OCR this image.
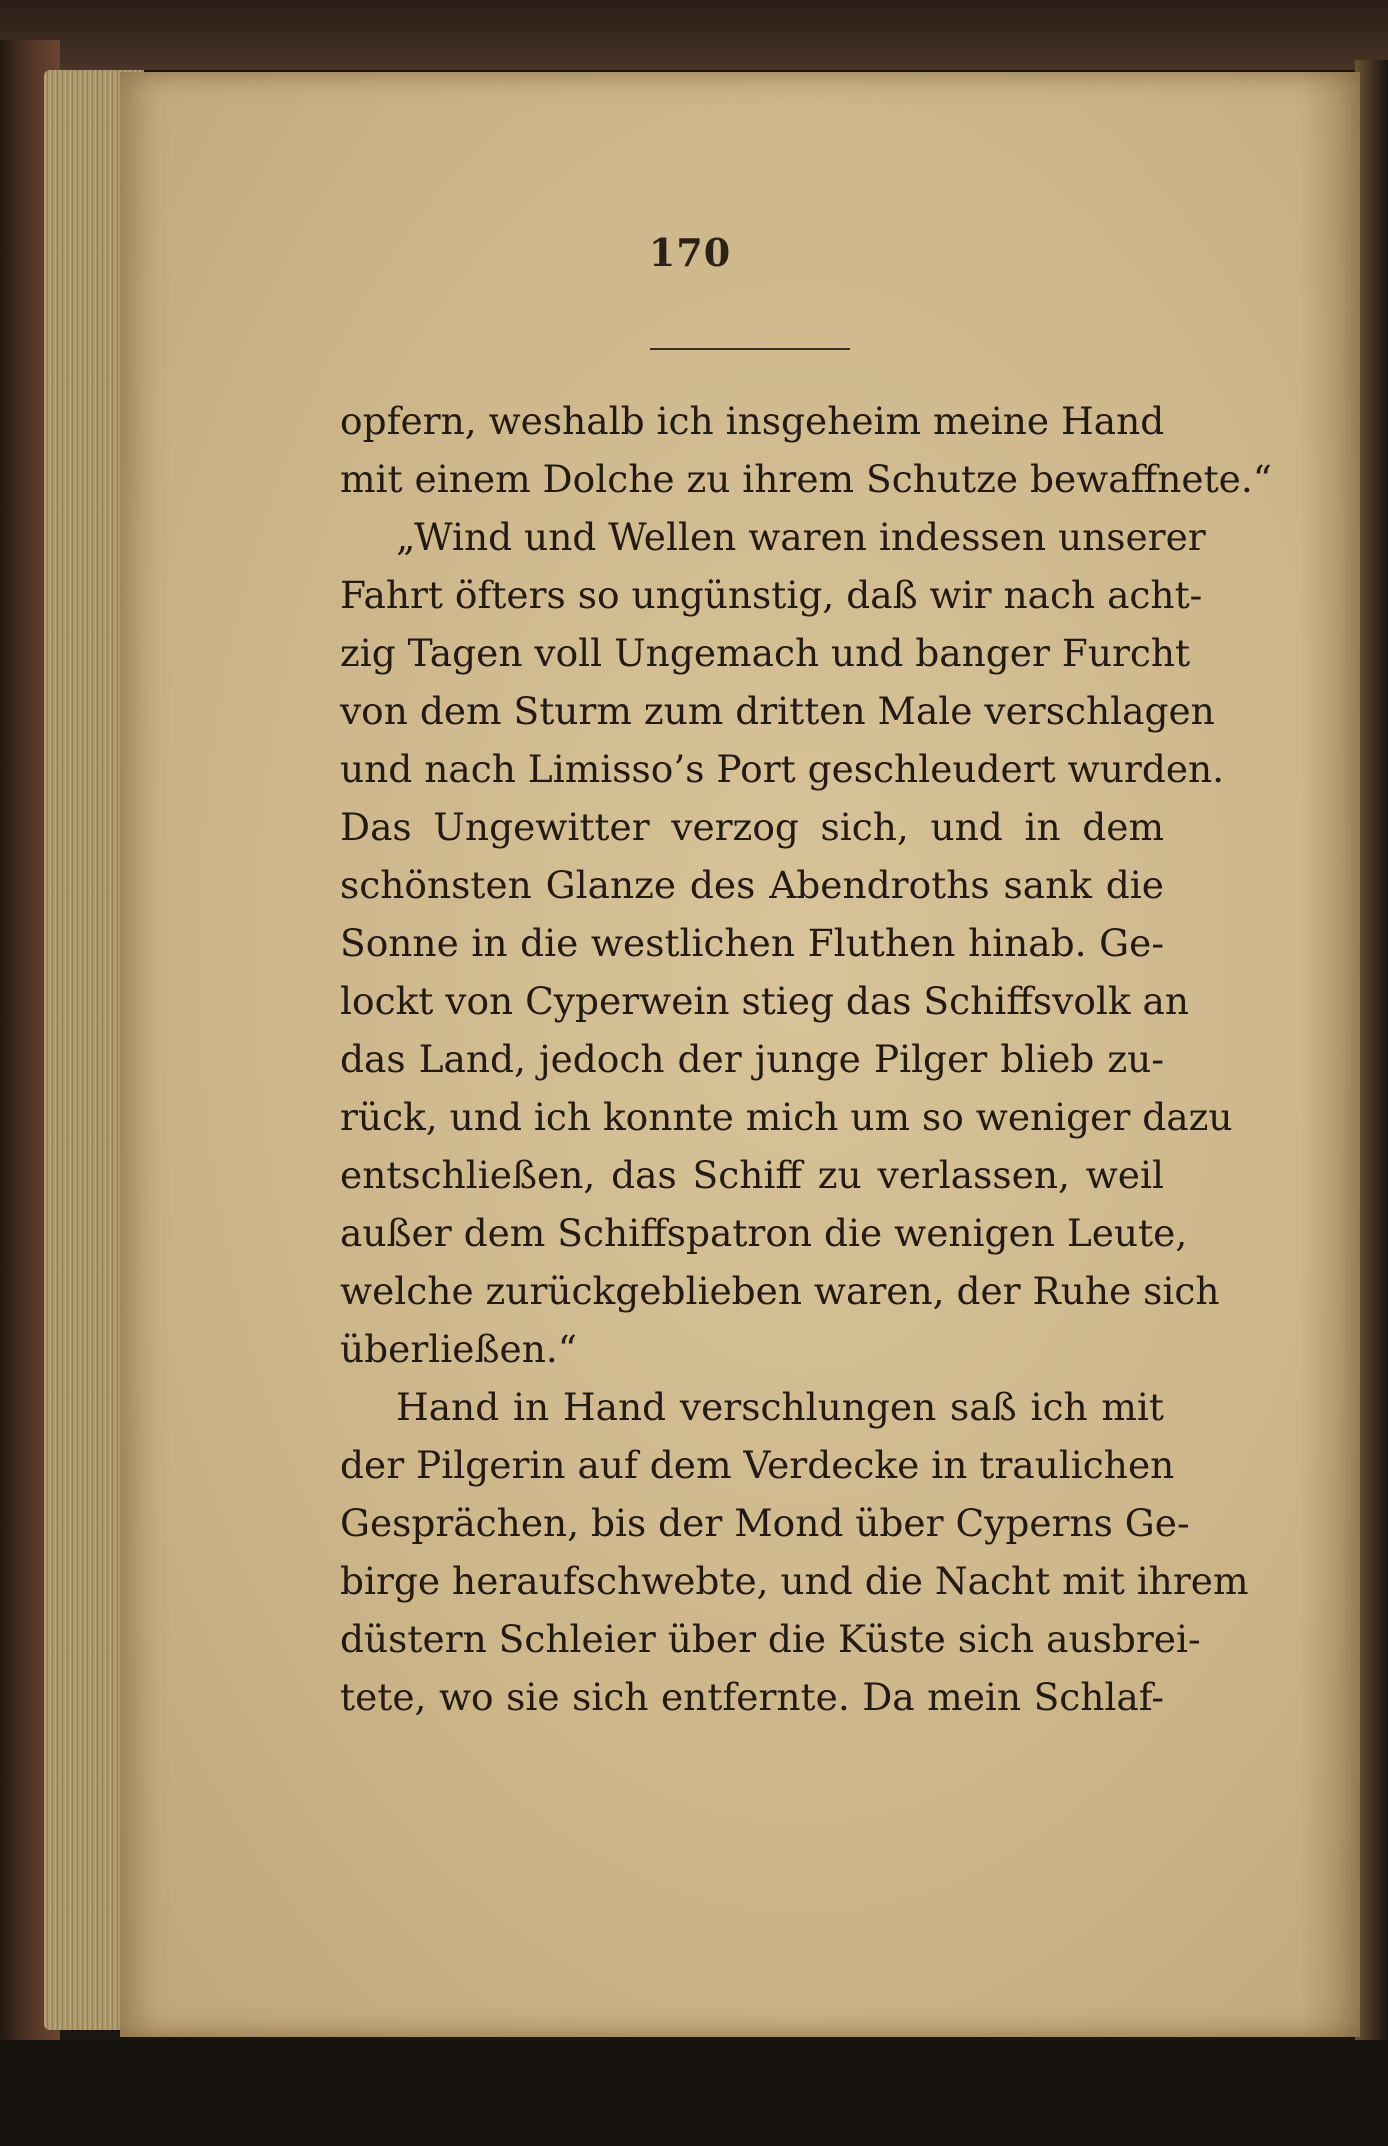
170
opfern, weshalb ich insgeheim meine Hand
mit einem Dolche zu ihrem Schutze bewaffnete.“
„Wind und Wellen waren indessen unserer
Fahrt öfters so ungünstig, daß wir nach acht-
zig Tagen voll Ungemach und banger Furcht
von dem Sturm zum dritten Male verschlagen
und nach Limisso’s Port geschleudert wurden.
Das Ungewitter verzog sich, und in dem
schönsten Glanze des Abendroths sank die
Sonne in die westlichen Fluthen hinab. Ge-
lockt von Cyperwein stieg das Schiffsvolk an
das Land, jedoch der junge Pilger blieb zu-
rück, und ich konnte mich um so weniger dazu
entschließen, das Schiff zu verlassen, weil
außer dem Schiffspatron die wenigen Leute,
welche zurückgeblieben waren, der Ruhe sich
überließen.“
Hand in Hand verschlungen saß ich mit
der Pilgerin auf dem Verdecke in traulichen
Gesprächen, bis der Mond über Cyperns Ge-
birge heraufschwebte, und die Nacht mit ihrem
düstern Schleier über die Küste sich ausbrei-
tete, wo sie sich entfernte. Da mein Schlaf-
